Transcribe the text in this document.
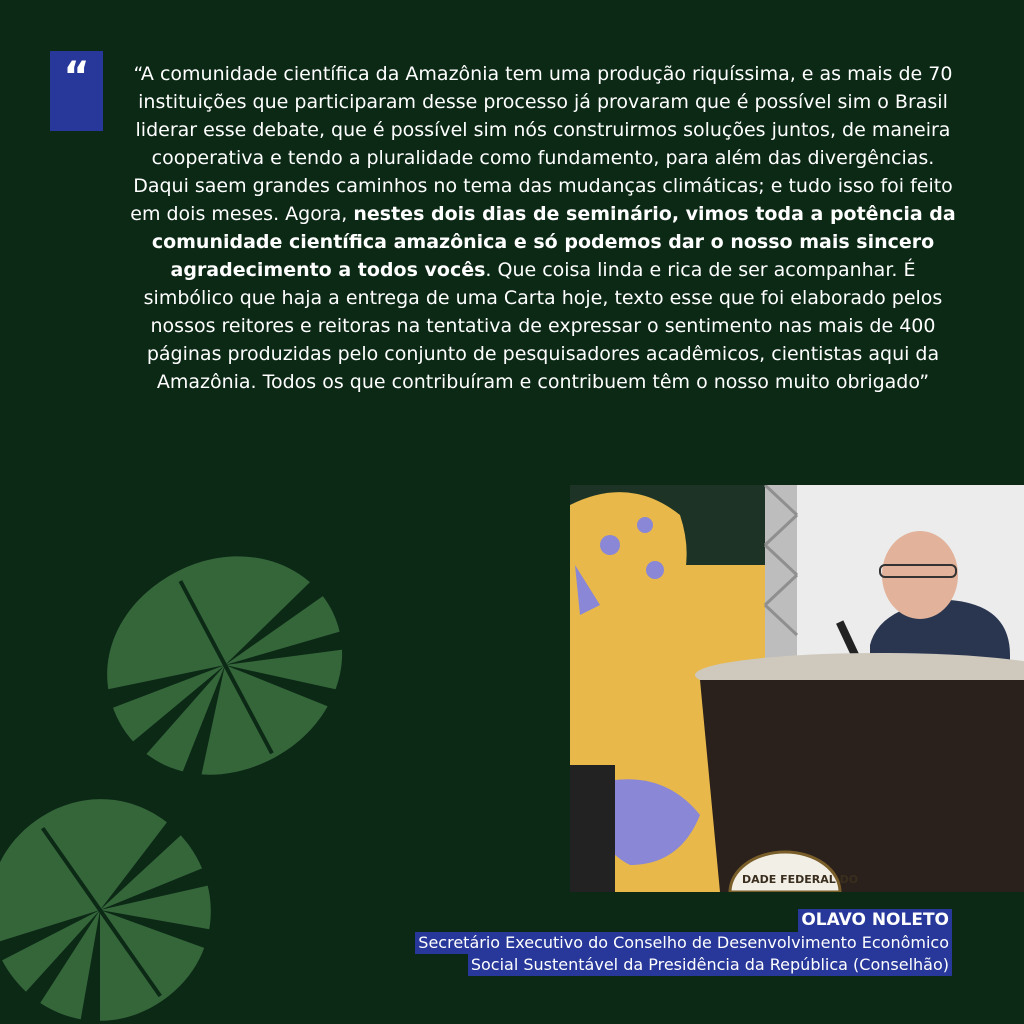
“	“A comunidade científica da Amazônia tem uma produção riquíssima, e as mais de 70 instituições que participaram desse processo já provaram que é possível sim o Brasil liderar esse debate, que é possível sim nós construirmos soluções juntos, de maneira cooperativa e tendo a pluralidade como fundamento, para além das divergências. Daqui saem grandes caminhos no tema das mudanças climáticas; e tudo isso foi feito em dois meses. Agora, nestes dois dias de seminário, vimos toda a potência da comunidade científica amazônica e só podemos dar o nosso mais sincero agradecimento a todos vocês. Que coisa linda e rica de ser acompanhar. É simbólico que haja a entrega de uma Carta hoje, texto esse que foi elaborado pelos nossos reitores e reitoras na tentativa de expressar o sentimento nas mais de 400 páginas produzidas pelo conjunto de pesquisadores acadêmicos, cientistas aqui da Amazônia. Todos os que contribuíram e contribuem têm o nosso muito obrigado”
DADE FEDERAL DO
OLAVO NOLETO
Secretário Executivo do Conselho de Desenvolvimento Econômico
Social Sustentável da Presidência da República (Conselhão)
